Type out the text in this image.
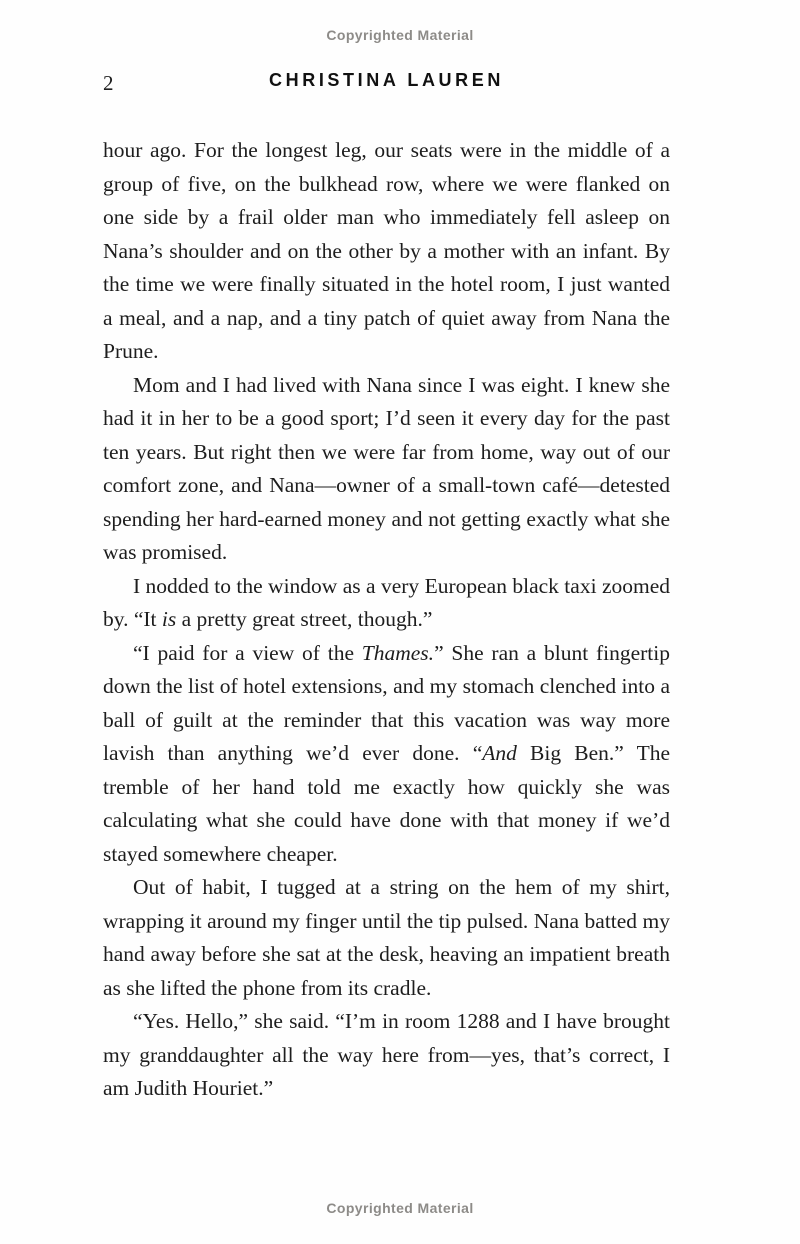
Copyrighted Material
2	CHRISTINA LAUREN

hour ago. For the longest leg, our seats were in the middle of a group of five, on the bulkhead row, where we were flanked on one side by a frail older man who immediately fell asleep on Nana’s shoulder and on the other by a mother with an infant. By the time we were finally situated in the hotel room, I just wanted a meal, and a nap, and a tiny patch of quiet away from Nana the Prune.

Mom and I had lived with Nana since I was eight. I knew she had it in her to be a good sport; I’d seen it every day for the past ten years. But right then we were far from home, way out of our comfort zone, and Nana—owner of a small-town café—detested spending her hard-earned money and not getting exactly what she was promised.

I nodded to the window as a very European black taxi zoomed by. “It is a pretty great street, though.”

“I paid for a view of the Thames.” She ran a blunt fingertip down the list of hotel extensions, and my stomach clenched into a ball of guilt at the reminder that this vacation was way more lavish than anything we’d ever done. “And Big Ben.” The tremble of her hand told me exactly how quickly she was calculating what she could have done with that money if we’d stayed somewhere cheaper.

Out of habit, I tugged at a string on the hem of my shirt, wrapping it around my finger until the tip pulsed. Nana batted my hand away before she sat at the desk, heaving an impatient breath as she lifted the phone from its cradle.

“Yes. Hello,” she said. “I’m in room 1288 and I have brought my granddaughter all the way here from—yes, that’s correct, I am Judith Houriet.”

Copyrighted Material
